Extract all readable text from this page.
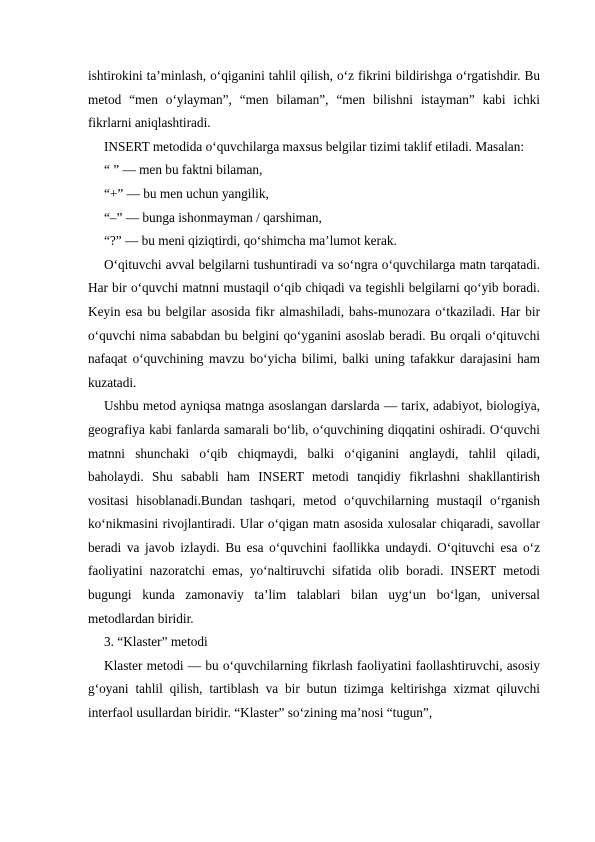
ishtirokini ta’minlash, o‘qiganini tahlil qilish, o‘z fikrini bildirishga o‘rgatishdir. Bu metod “men o‘ylayman”, “men bilaman”, “men bilishni istayman” kabi ichki fikrlarni aniqlashtiradi.

INSERT metodida o‘quvchilarga maxsus belgilar tizimi taklif etiladi. Masalan:

“ ” — men bu faktni bilaman,

“+” — bu men uchun yangilik,

“–” — bunga ishonmayman / qarshiman,

“?” — bu meni qiziqtirdi, qo‘shimcha ma’lumot kerak.

O‘qituvchi avval belgilarni tushuntiradi va so‘ngra o‘quvchilarga matn tarqatadi. Har bir o‘quvchi matnni mustaqil o‘qib chiqadi va tegishli belgilarni qo‘yib boradi. Keyin esa bu belgilar asosida fikr almashiladi, bahs-munozara o‘tkaziladi. Har bir o‘quvchi nima sababdan bu belgini qo‘yganini asoslab beradi. Bu orqali o‘qituvchi nafaqat o‘quvchining mavzu bo‘yicha bilimi, balki uning tafakkur darajasini ham kuzatadi.

Ushbu metod ayniqsa matnga asoslangan darslarda — tarix, adabiyot, biologiya, geografiya kabi fanlarda samarali bo‘lib, o‘quvchining diqqatini oshiradi. O‘quvchi matnni shunchaki o‘qib chiqmaydi, balki o‘qiganini anglaydi, tahlil qiladi, baholaydi. Shu sababli ham INSERT metodi tanqidiy fikrlashni shakllantirish vositasi hisoblanadi.Bundan tashqari, metod o‘quvchilarning mustaqil o‘rganish ko‘nikmasini rivojlantiradi. Ular o‘qigan matn asosida xulosalar chiqaradi, savollar beradi va javob izlaydi. Bu esa o‘quvchini faollikka undaydi. O‘qituvchi esa o‘z faoliyatini nazoratchi emas, yo‘naltiruvchi sifatida olib boradi. INSERT metodi bugungi kunda zamonaviy ta’lim talablari bilan uyg‘un bo‘lgan, universal metodlardan biridir.

3. “Klaster” metodi

Klaster metodi — bu o‘quvchilarning fikrlash faoliyatini faollashtiruvchi, asosiy g‘oyani tahlil qilish, tartiblash va bir butun tizimga keltirishga xizmat qiluvchi interfaol usullardan biridir. “Klaster” so‘zining ma’nosi “tugun”,
